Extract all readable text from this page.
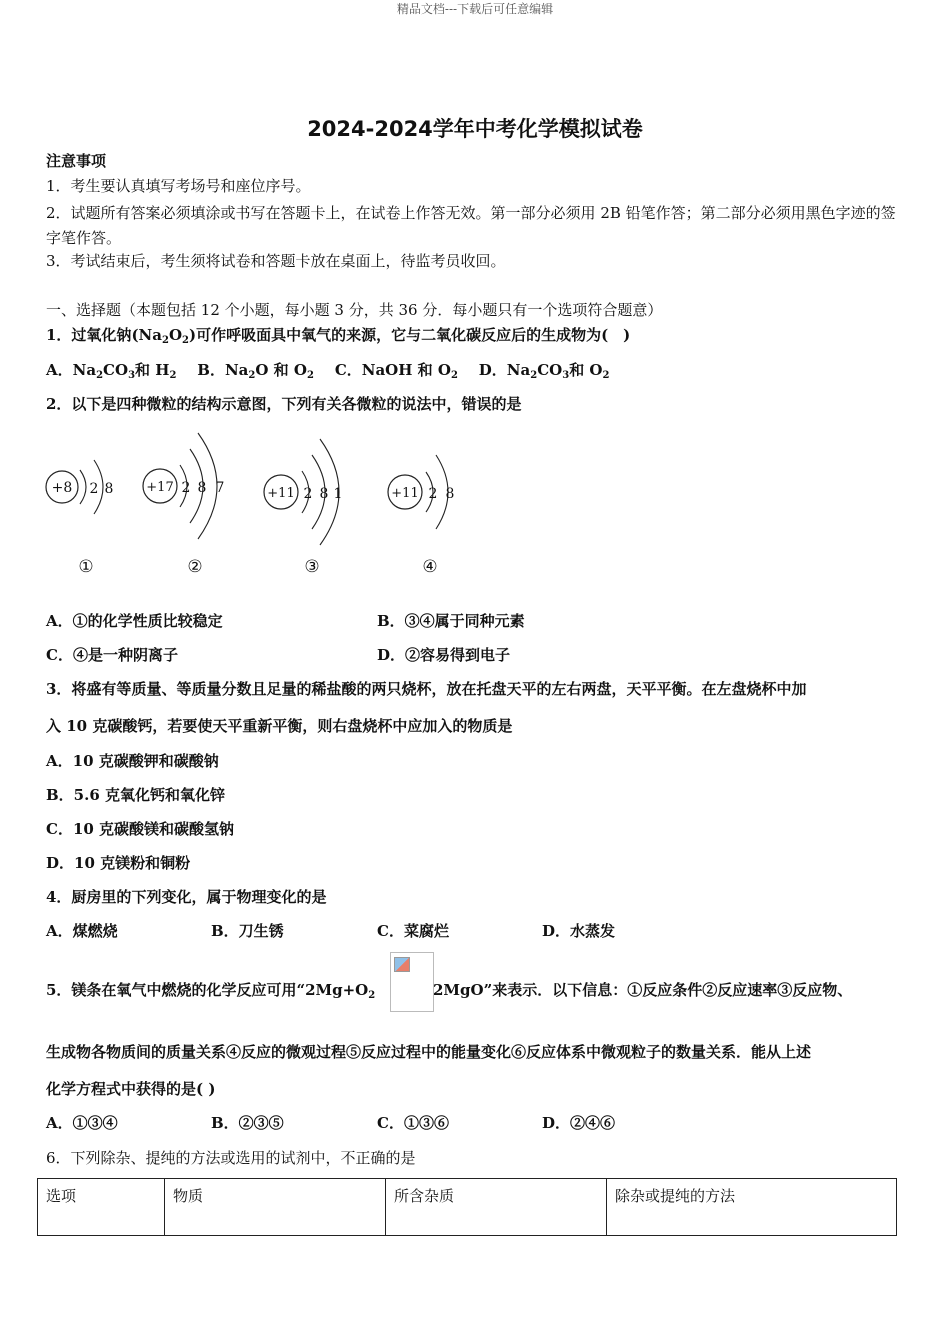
精品文档---下载后可任意编辑
2024-2024学年中考化学模拟试卷
注意事项
1．考生要认真填写考场号和座位序号。
2．试题所有答案必须填涂或书写在答题卡上，在试卷上作答无效。第一部分必须用 2B 铅笔作答；第二部分必须用黑色字迹的签字笔作答。
3．考试结束后，考生须将试卷和答题卡放在桌面上，待监考员收回。
一、选择题（本题包括 12 个小题，每小题 3 分，共 36 分．每小题只有一个选项符合题意）
1．过氧化钠$(Na_2O_2)$可作呼吸面具中氧气的来源，它与二氧化碳反应后的生成物为(　)
A．$Na_2CO_3$和 $H_2$ B．$Na_2O$ 和 $O_2$ C．NaOH 和 $O_2$ D．$Na_2CO_3$和 $O_2$
2．以下是四种微粒的结构示意图，下列有关各微粒的说法中，错误的是
+8 2 8
①
+17 2 8 7
②
+11 2 8 1
③
+11 2 8
④
A．①的化学性质比较稳定	B．③④属于同种元素
C．④是一种阴离子	D．②容易得到电子
3．将盛有等质量、等质量分数且足量的稀盐酸的两只烧杯，放在托盘天平的左右两盘，天平平衡。在左盘烧杯中加
入 10 克碳酸钙，若要使天平重新平衡，则右盘烧杯中应加入的物质是
A．10 克碳酸钾和碳酸钠
B．5.6 克氧化钙和氧化锌
C．10 克碳酸镁和碳酸氢钠
D．10 克镁粉和铜粉
4．厨房里的下列变化，属于物理变化的是
A．煤燃烧	B．刀生锈	C．菜腐烂	D．水蒸发
5．镁条在氧气中燃烧的化学反应可用“$2Mg+O_2$	2MgO”来表示．以下信息：①反应条件②反应速率③反应物、
生成物各物质间的质量关系④反应的微观过程⑤反应过程中的能量变化⑥反应体系中微观粒子的数量关系．能从上述
化学方程式中获得的是( )
A．①③④	B．②③⑤	C．①③⑥	D．②④⑥
6．下列除杂、提纯的方法或选用的试剂中，不正确的是
选项	物质	所含杂质	除杂或提纯的方法
